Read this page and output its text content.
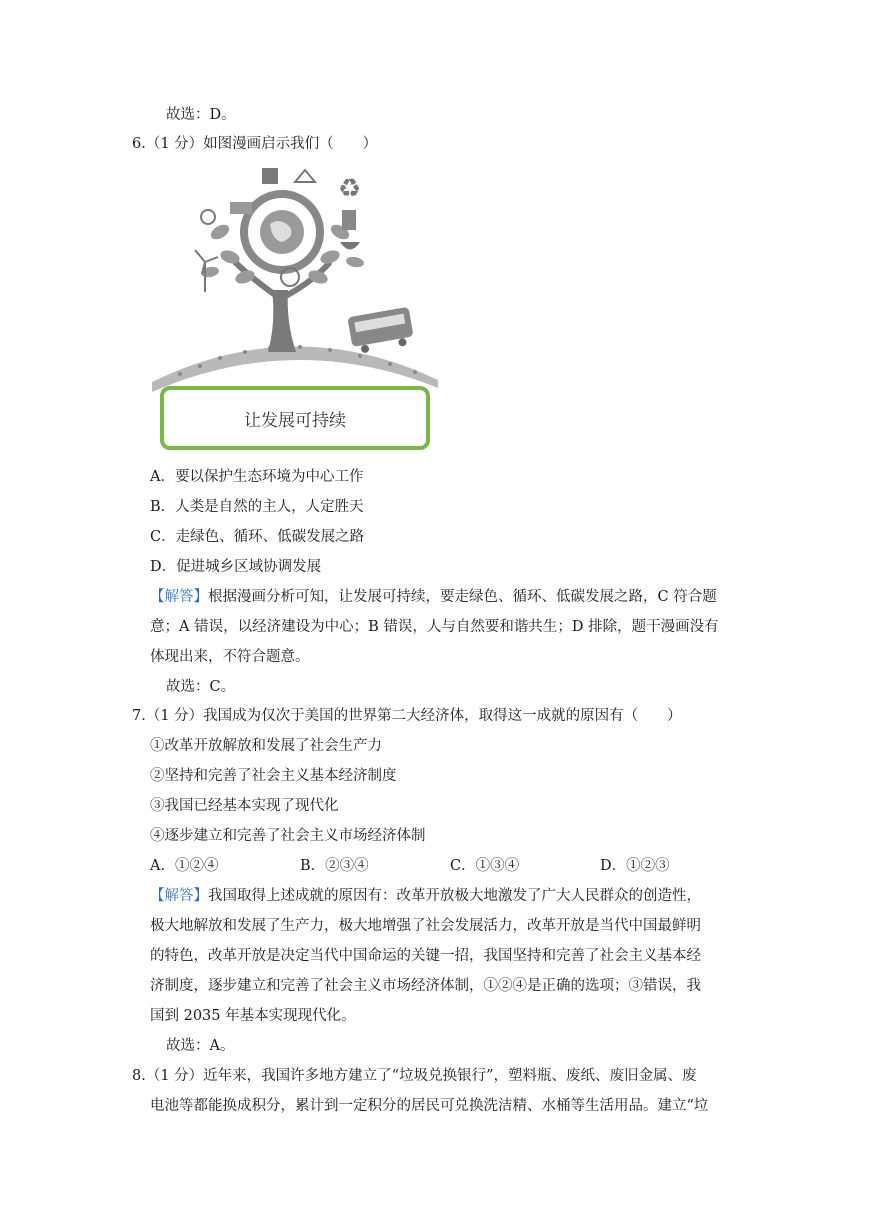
故选：D。
6.（1 分）如图漫画启示我们（　　）
♻
让发展可持续
A．要以保护生态环境为中心工作
B．人类是自然的主人，人定胜天
C．走绿色、循环、低碳发展之路
D．促进城乡区域协调发展
【解答】根据漫画分析可知，让发展可持续，要走绿色、循环、低碳发展之路，C 符合题
意；A 错误，以经济建设为中心；B 错误，人与自然要和谐共生；D 排除，题干漫画没有
体现出来，不符合题意。
故选：C。
7.（1 分）我国成为仅次于美国的世界第二大经济体，取得这一成就的原因有（　　）
①改革开放解放和发展了社会生产力
②坚持和完善了社会主义基本经济制度
③我国已经基本实现了现代化
④逐步建立和完善了社会主义市场经济体制
A．①②④	B．②③④	C．①③④	D．①②③
【解答】我国取得上述成就的原因有：改革开放极大地激发了广大人民群众的创造性，
极大地解放和发展了生产力，极大地增强了社会发展活力，改革开放是当代中国最鲜明
的特色，改革开放是决定当代中国命运的关键一招，我国坚持和完善了社会主义基本经
济制度，逐步建立和完善了社会主义市场经济体制，①②④是正确的选项；③错误，我
国到 2035 年基本实现现代化。
故选：A。
8.（1 分）近年来，我国许多地方建立了“垃圾兑换银行”，塑料瓶、废纸、废旧金属、废
电池等都能换成积分，累计到一定积分的居民可兑换洗洁精、水桶等生活用品。建立“垃
